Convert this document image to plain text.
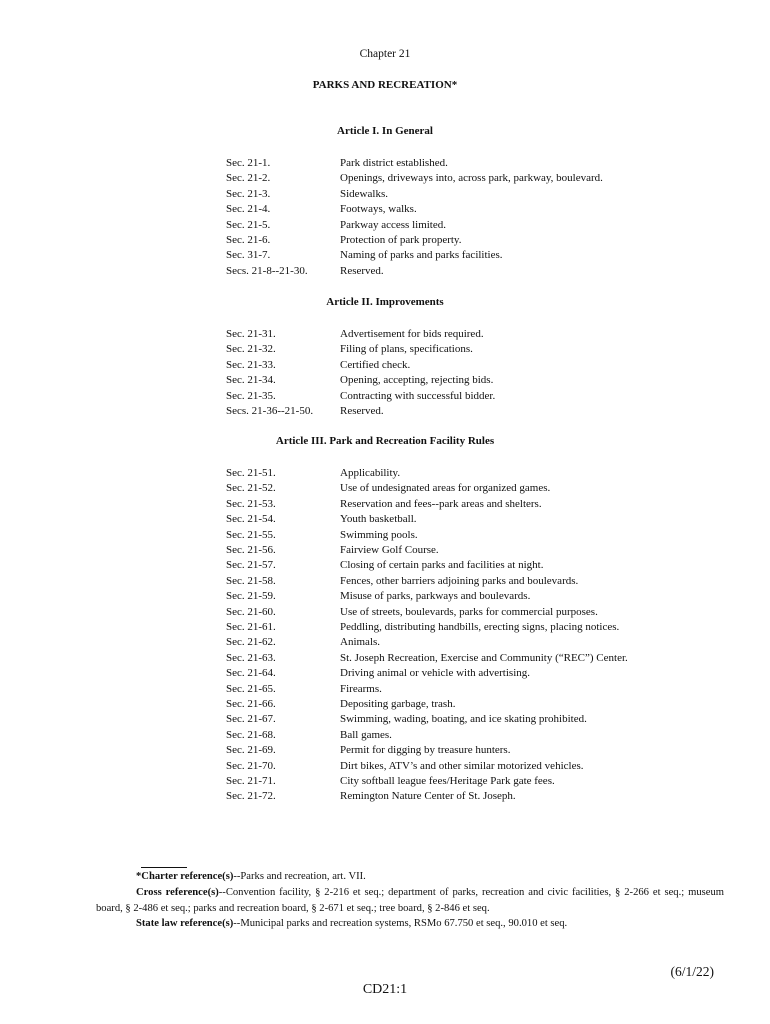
Chapter 21
PARKS AND RECREATION*
Article I. In General
Sec. 21-1.	Park district established.
Sec. 21-2.	Openings, driveways into, across park, parkway, boulevard.
Sec. 21-3.	Sidewalks.
Sec. 21-4.	Footways, walks.
Sec. 21-5.	Parkway access limited.
Sec. 21-6.	Protection of park property.
Sec. 31-7.	Naming of parks and parks facilities.
Secs. 21-8--21-30.	Reserved.
Article II. Improvements
Sec. 21-31.	Advertisement for bids required.
Sec. 21-32.	Filing of plans, specifications.
Sec. 21-33.	Certified check.
Sec. 21-34.	Opening, accepting, rejecting bids.
Sec. 21-35.	Contracting with successful bidder.
Secs. 21-36--21-50. Reserved.
Article III. Park and Recreation Facility Rules
Sec. 21-51.	Applicability.
Sec. 21-52.	Use of undesignated areas for organized games.
Sec. 21-53.	Reservation and fees--park areas and shelters.
Sec. 21-54.	Youth basketball.
Sec. 21-55.	Swimming pools.
Sec. 21-56.	Fairview Golf Course.
Sec. 21-57.	Closing of certain parks and facilities at night.
Sec. 21-58.	Fences, other barriers adjoining parks and boulevards.
Sec. 21-59.	Misuse of parks, parkways and boulevards.
Sec. 21-60.	Use of streets, boulevards, parks for commercial purposes.
Sec. 21-61.	Peddling, distributing handbills, erecting signs, placing notices.
Sec. 21-62.	Animals.
Sec. 21-63.	St. Joseph Recreation, Exercise and Community (“REC”) Center.
Sec. 21-64.	Driving animal or vehicle with advertising.
Sec. 21-65.	Firearms.
Sec. 21-66.	Depositing garbage, trash.
Sec. 21-67.	Swimming, wading, boating, and ice skating prohibited.
Sec. 21-68.	Ball games.
Sec. 21-69.	Permit for digging by treasure hunters.
Sec. 21-70.	Dirt bikes, ATV’s and other similar motorized vehicles.
Sec. 21-71.	City softball league fees/Heritage Park gate fees.
Sec. 21-72.	Remington Nature Center of St. Joseph.
*Charter reference(s)--Parks and recreation, art. VII.
Cross reference(s)--Convention facility, § 2-216 et seq.; department of parks, recreation and civic facilities, § 2-266 et seq.; museum board, § 2-486 et seq.; parks and recreation board, § 2-671 et seq.; tree board, § 2-846 et seq.
State law reference(s)--Municipal parks and recreation systems, RSMo 67.750 et seq., 90.010 et seq.
(6/1/22)
CD21:1
